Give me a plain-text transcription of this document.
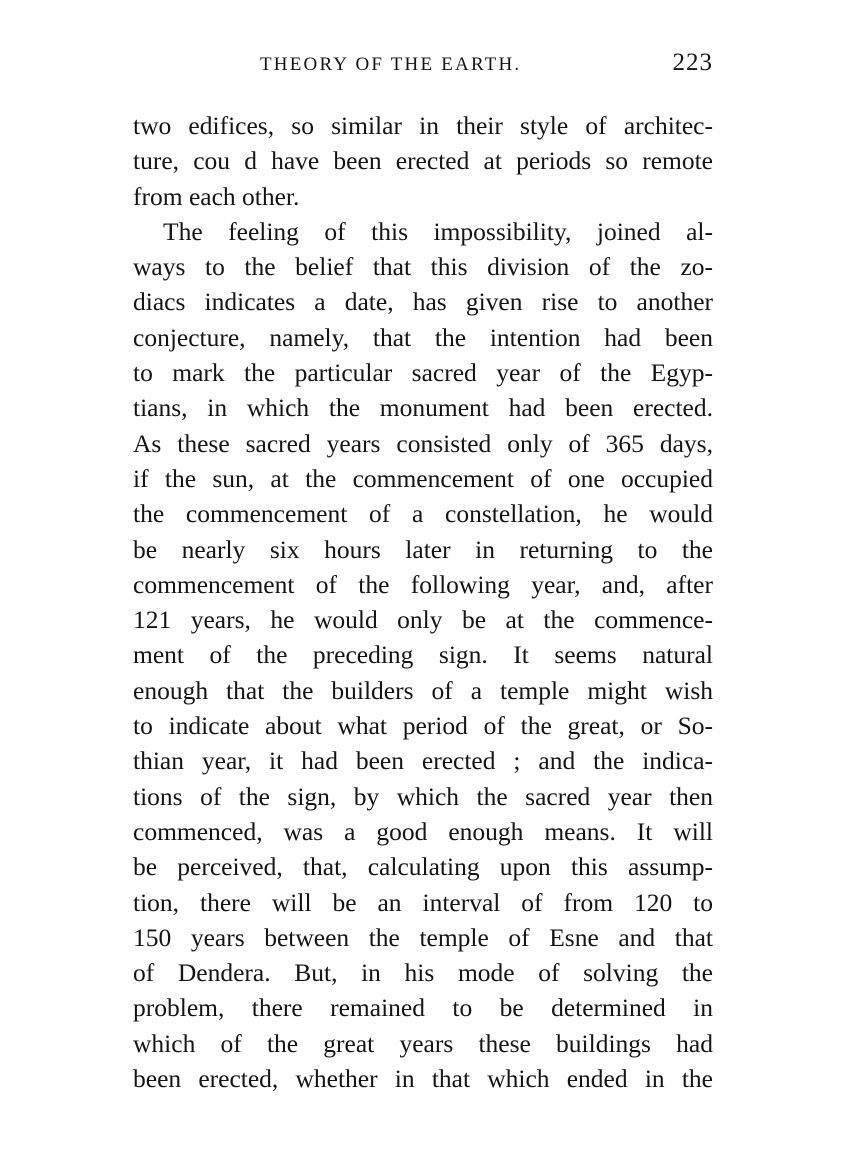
THEORY OF THE EARTH.	223
two edifices, so similar in their style of architec-
ture, cou d have been erected at periods so remote
from each other.
The feeling of this impossibility, joined al-
ways to the belief that this division of the zo-
diacs indicates a date, has given rise to another
conjecture, namely, that the intention had been
to mark the particular sacred year of the Egyp-
tians, in which the monument had been erected.
As these sacred years consisted only of 365 days,
if the sun, at the commencement of one occupied
the commencement of a constellation, he would
be nearly six hours later in returning to the
commencement of the following year, and, after
121 years, he would only be at the commence-
ment of the preceding sign. It seems natural
enough that the builders of a temple might wish
to indicate about what period of the great, or So-
thian year, it had been erected ; and the indica-
tions of the sign, by which the sacred year then
commenced, was a good enough means. It will
be perceived, that, calculating upon this assump-
tion, there will be an interval of from 120 to
150 years between the temple of Esne and that
of Dendera. But, in his mode of solving the
problem, there remained to be determined in
which of the great years these buildings had
been erected, whether in that which ended in the
